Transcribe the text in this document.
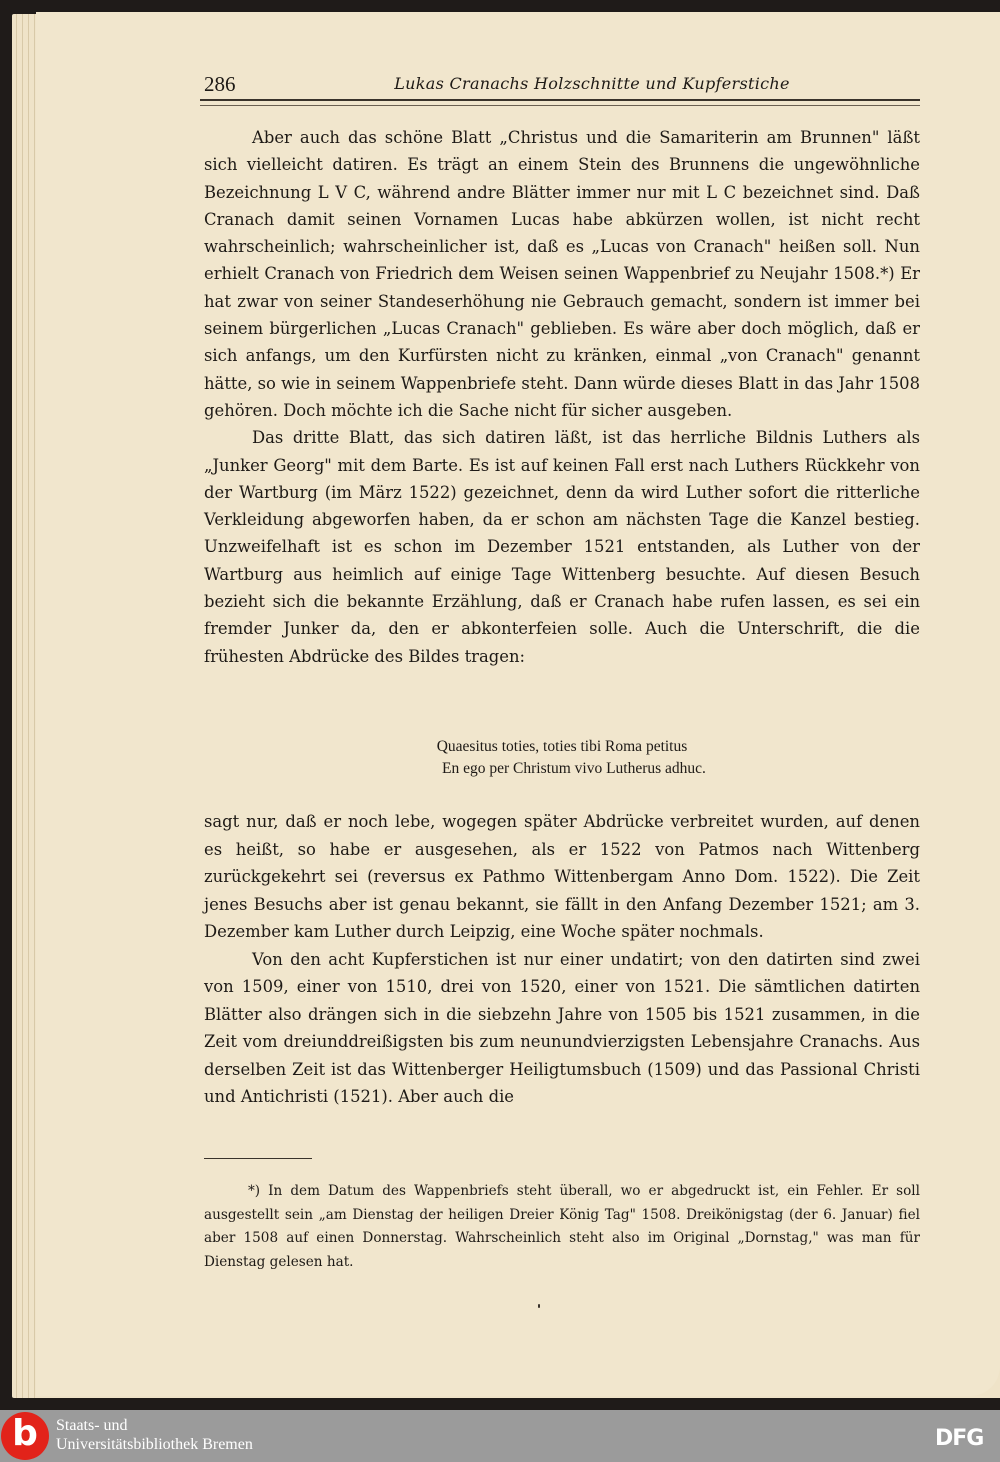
286	Lukas Cranachs Holzschnitte und Kupferstiche

Aber auch das schöne Blatt „Christus und die Samariterin am Brunnen" läßt sich vielleicht datiren. Es trägt an einem Stein des Brunnens die ungewöhnliche Bezeichnung L V C, während andre Blätter immer nur mit L C bezeichnet sind. Daß Cranach damit seinen Vornamen Lucas habe abkürzen wollen, ist nicht recht wahrscheinlich; wahrscheinlicher ist, daß es „Lucas von Cranach" heißen soll. Nun erhielt Cranach von Friedrich dem Weisen seinen Wappenbrief zu Neujahr 1508.*) Er hat zwar von seiner Standeserhöhung nie Gebrauch gemacht, sondern ist immer bei seinem bürgerlichen „Lucas Cranach" geblieben. Es wäre aber doch möglich, daß er sich anfangs, um den Kurfürsten nicht zu kränken, einmal „von Cranach" genannt hätte, so wie in seinem Wappenbriefe steht. Dann würde dieses Blatt in das Jahr 1508 gehören. Doch möchte ich die Sache nicht für sicher ausgeben.

Das dritte Blatt, das sich datiren läßt, ist das herrliche Bildnis Luthers als „Junker Georg" mit dem Barte. Es ist auf keinen Fall erst nach Luthers Rückkehr von der Wartburg (im März 1522) gezeichnet, denn da wird Luther sofort die ritterliche Verkleidung abgeworfen haben, da er schon am nächsten Tage die Kanzel bestieg. Unzweifelhaft ist es schon im Dezember 1521 entstanden, als Luther von der Wartburg aus heimlich auf einige Tage Wittenberg besuchte. Auf diesen Besuch bezieht sich die bekannte Erzählung, daß er Cranach habe rufen lassen, es sei ein fremder Junker da, den er abkonterfeien solle. Auch die Unterschrift, die die frühesten Abdrücke des Bildes tragen:

Quaesitus toties, toties tibi Roma petitus
En ego per Christum vivo Lutherus adhuc.

sagt nur, daß er noch lebe, wogegen später Abdrücke verbreitet wurden, auf denen es heißt, so habe er ausgesehen, als er 1522 von Patmos nach Wittenberg zurückgekehrt sei (reversus ex Pathmo Wittenbergam Anno Dom. 1522). Die Zeit jenes Besuchs aber ist genau bekannt, sie fällt in den Anfang Dezember 1521; am 3. Dezember kam Luther durch Leipzig, eine Woche später nochmals.

Von den acht Kupferstichen ist nur einer undatirt; von den datirten sind zwei von 1509, einer von 1510, drei von 1520, einer von 1521. Die sämtlichen datirten Blätter also drängen sich in die siebzehn Jahre von 1505 bis 1521 zusammen, in die Zeit vom dreiunddreißigsten bis zum neunundvierzigsten Lebensjahre Cranachs. Aus derselben Zeit ist das Wittenberger Heiligtumsbuch (1509) und das Passional Christi und Antichristi (1521). Aber auch die

*) In dem Datum des Wappenbriefs steht überall, wo er abgedruckt ist, ein Fehler. Er soll ausgestellt sein „am Dienstag der heiligen Dreier König Tag" 1508. Dreikönigstag (der 6. Januar) fiel aber 1508 auf einen Donnerstag. Wahrscheinlich steht also im Original „Dornstag," was man für Dienstag gelesen hat.

b Staats- und
Universitätsbibliothek Bremen	DFG
